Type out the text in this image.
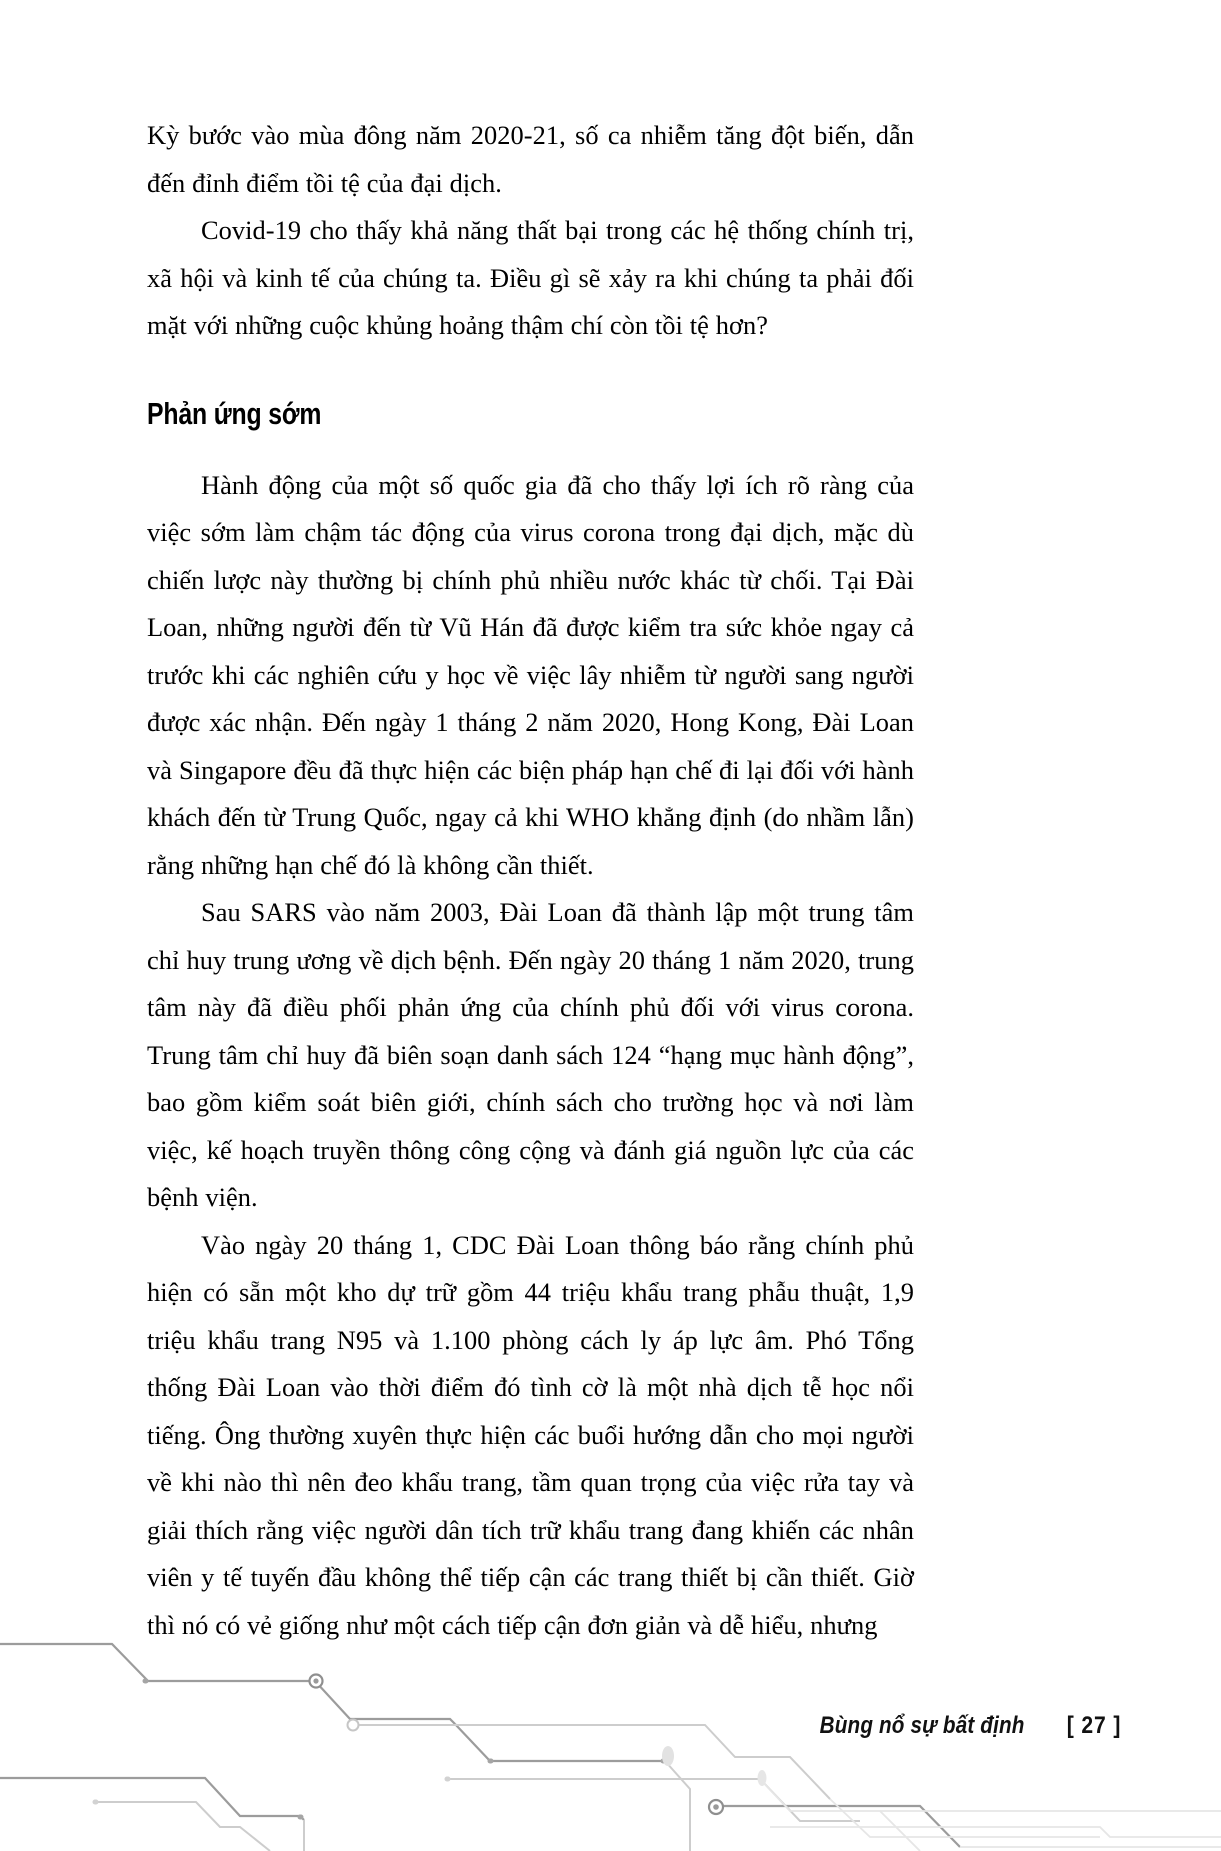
Kỳ bước vào mùa đông năm 2020-21, số ca nhiễm tăng đột biến, dẫn đến đỉnh điểm tồi tệ của đại dịch.

Covid-19 cho thấy khả năng thất bại trong các hệ thống chính trị, xã hội và kinh tế của chúng ta. Điều gì sẽ xảy ra khi chúng ta phải đối mặt với những cuộc khủng hoảng thậm chí còn tồi tệ hơn?

Phản ứng sớm

Hành động của một số quốc gia đã cho thấy lợi ích rõ ràng của việc sớm làm chậm tác động của virus corona trong đại dịch, mặc dù chiến lược này thường bị chính phủ nhiều nước khác từ chối. Tại Đài Loan, những người đến từ Vũ Hán đã được kiểm tra sức khỏe ngay cả trước khi các nghiên cứu y học về việc lây nhiễm từ người sang người được xác nhận. Đến ngày 1 tháng 2 năm 2020, Hong Kong, Đài Loan và Singapore đều đã thực hiện các biện pháp hạn chế đi lại đối với hành khách đến từ Trung Quốc, ngay cả khi WHO khẳng định (do nhầm lẫn) rằng những hạn chế đó là không cần thiết.

Sau SARS vào năm 2003, Đài Loan đã thành lập một trung tâm chỉ huy trung ương về dịch bệnh. Đến ngày 20 tháng 1 năm 2020, trung tâm này đã điều phối phản ứng của chính phủ đối với virus corona. Trung tâm chỉ huy đã biên soạn danh sách 124 “hạng mục hành động”, bao gồm kiểm soát biên giới, chính sách cho trường học và nơi làm việc, kế hoạch truyền thông công cộng và đánh giá nguồn lực của các bệnh viện.

Vào ngày 20 tháng 1, CDC Đài Loan thông báo rằng chính phủ hiện có sẵn một kho dự trữ gồm 44 triệu khẩu trang phẫu thuật, 1,9 triệu khẩu trang N95 và 1.100 phòng cách ly áp lực âm. Phó Tổng thống Đài Loan vào thời điểm đó tình cờ là một nhà dịch tễ học nổi tiếng. Ông thường xuyên thực hiện các buổi hướng dẫn cho mọi người về khi nào thì nên đeo khẩu trang, tầm quan trọng của việc rửa tay và giải thích rằng việc người dân tích trữ khẩu trang đang khiến các nhân viên y tế tuyến đầu không thể tiếp cận các trang thiết bị cần thiết. Giờ thì nó có vẻ giống như một cách tiếp cận đơn giản và dễ hiểu, nhưng

Bùng nổ sự bất định [ 27 ]
